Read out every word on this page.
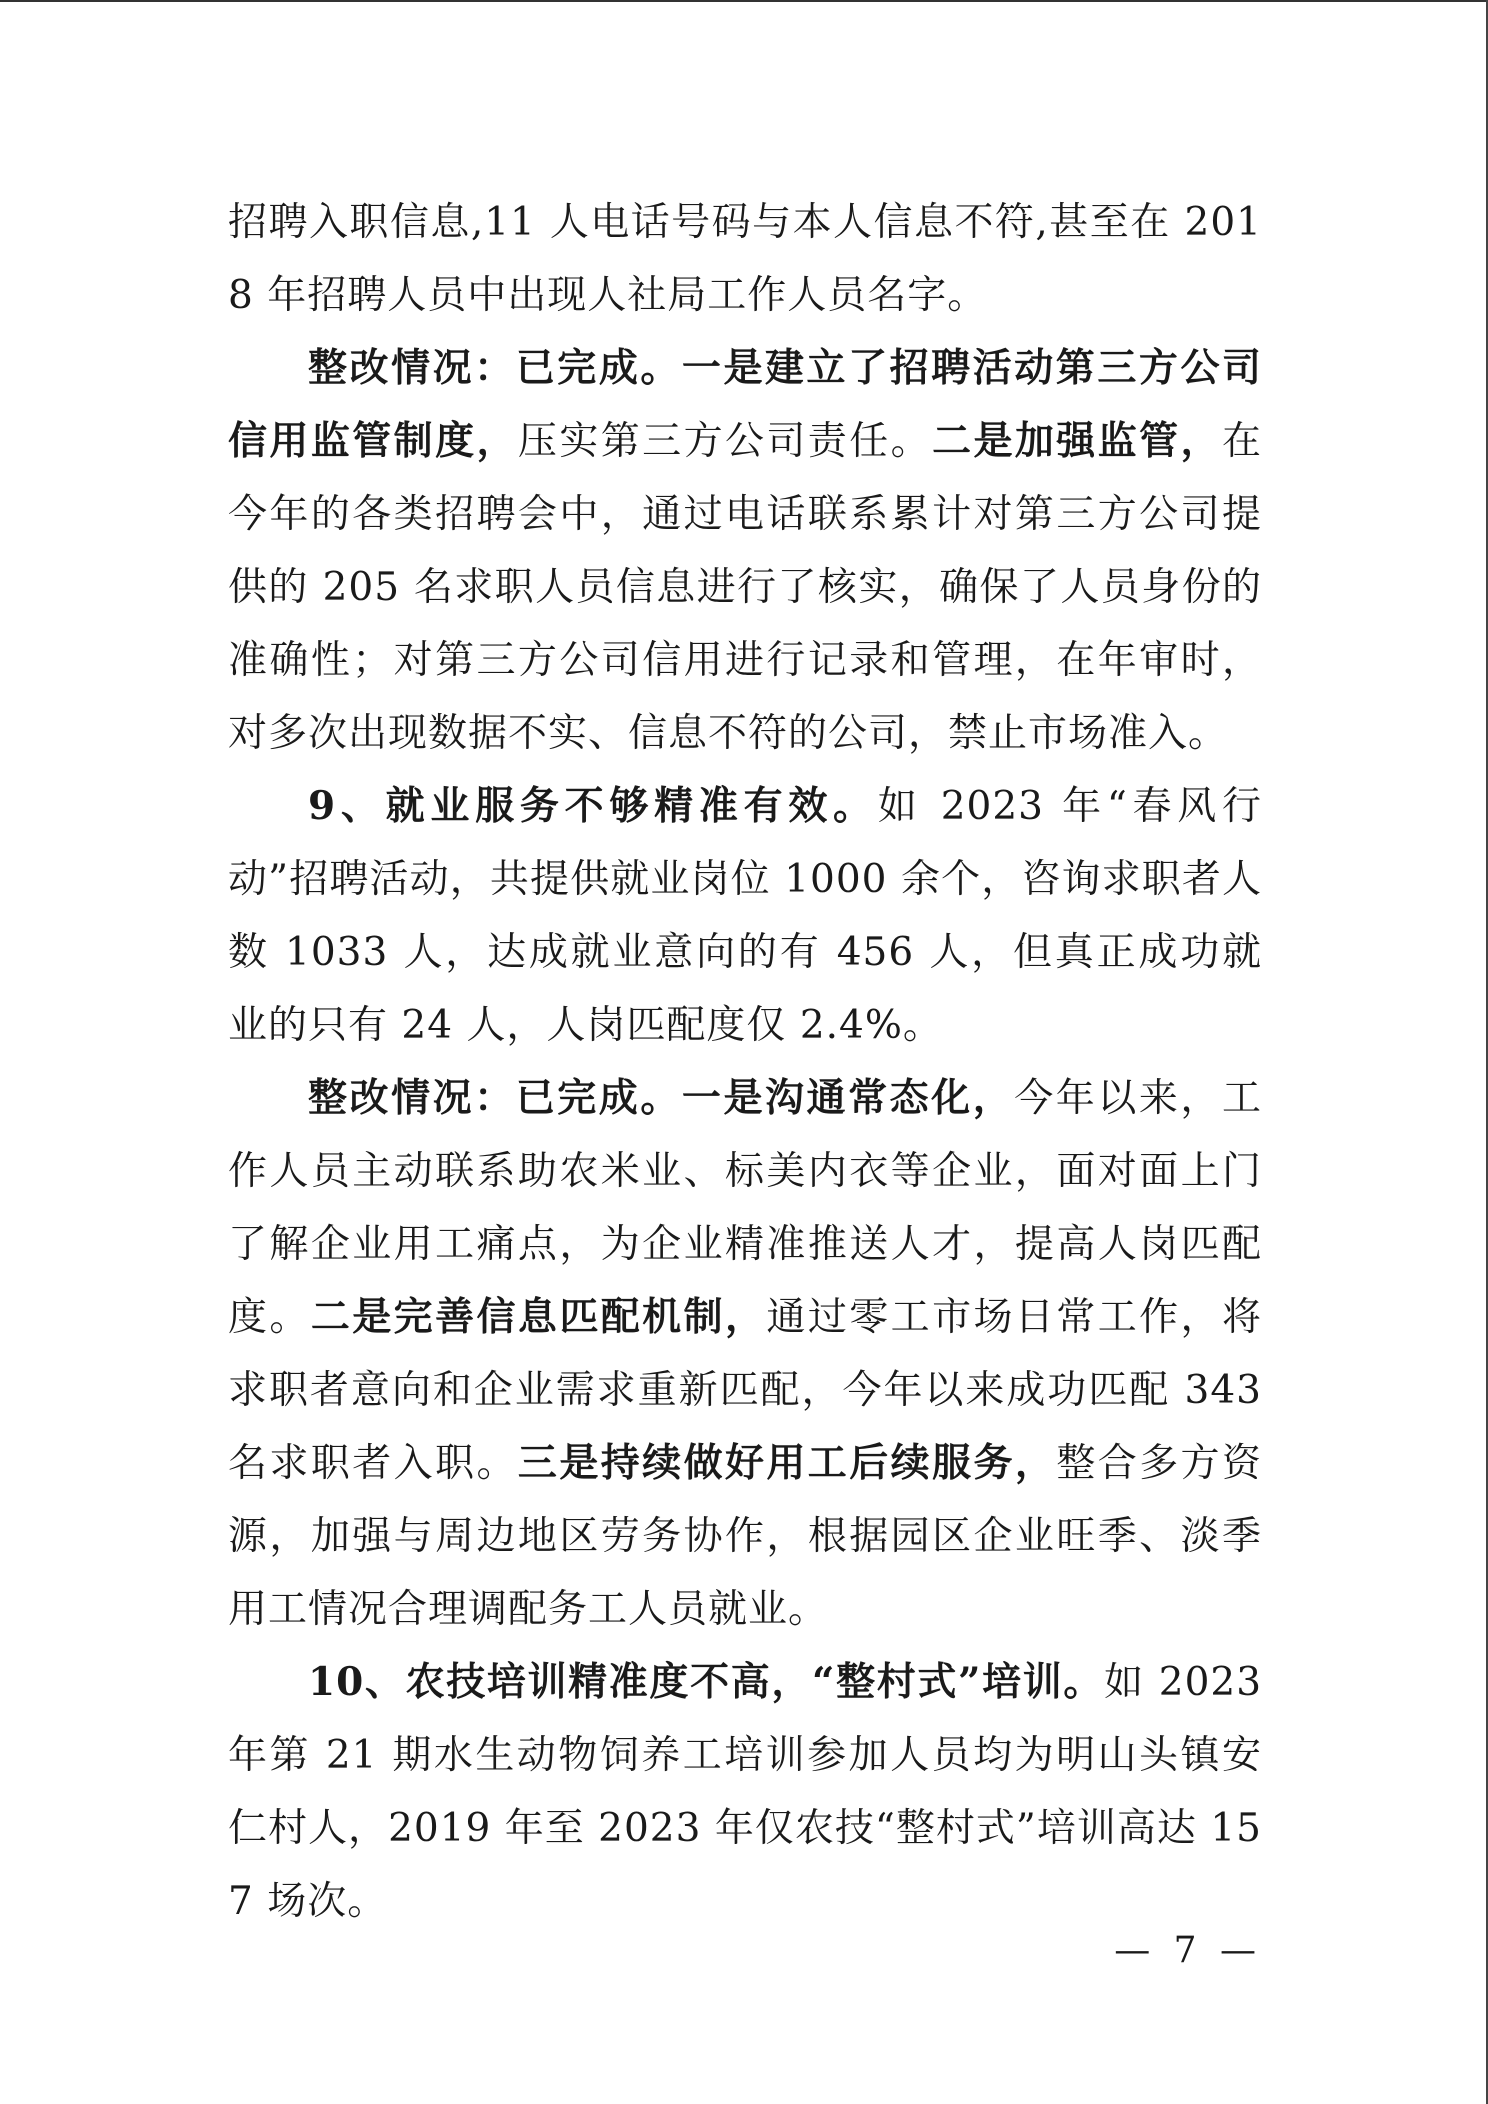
招聘入职信息,11 人电话号码与本人信息不符,甚至在 2018 年招聘人员中出现人社局工作人员名字。

整改情况：已完成。一是建立了招聘活动第三方公司信用监管制度，压实第三方公司责任。二是加强监管，在今年的各类招聘会中，通过电话联系累计对第三方公司提供的 205 名求职人员信息进行了核实，确保了人员身份的准确性；对第三方公司信用进行记录和管理，在年审时，对多次出现数据不实、信息不符的公司，禁止市场准入。

9、就业服务不够精准有效。如 2023 年“春风行动”招聘活动，共提供就业岗位 1000 余个，咨询求职者人数 1033 人，达成就业意向的有 456 人，但真正成功就业的只有 24 人，人岗匹配度仅 2.4%。

整改情况：已完成。一是沟通常态化，今年以来，工作人员主动联系助农米业、标美内衣等企业，面对面上门了解企业用工痛点，为企业精准推送人才，提高人岗匹配度。二是完善信息匹配机制，通过零工市场日常工作，将求职者意向和企业需求重新匹配，今年以来成功匹配 343 名求职者入职。三是持续做好用工后续服务，整合多方资源，加强与周边地区劳务协作，根据园区企业旺季、淡季用工情况合理调配务工人员就业。

10、农技培训精准度不高，“整村式”培训。如 2023 年第 21 期水生动物饲养工培训参加人员均为明山头镇安仁村人，2019 年至 2023 年仅农技“整村式”培训高达 157 场次。

— 7 —
